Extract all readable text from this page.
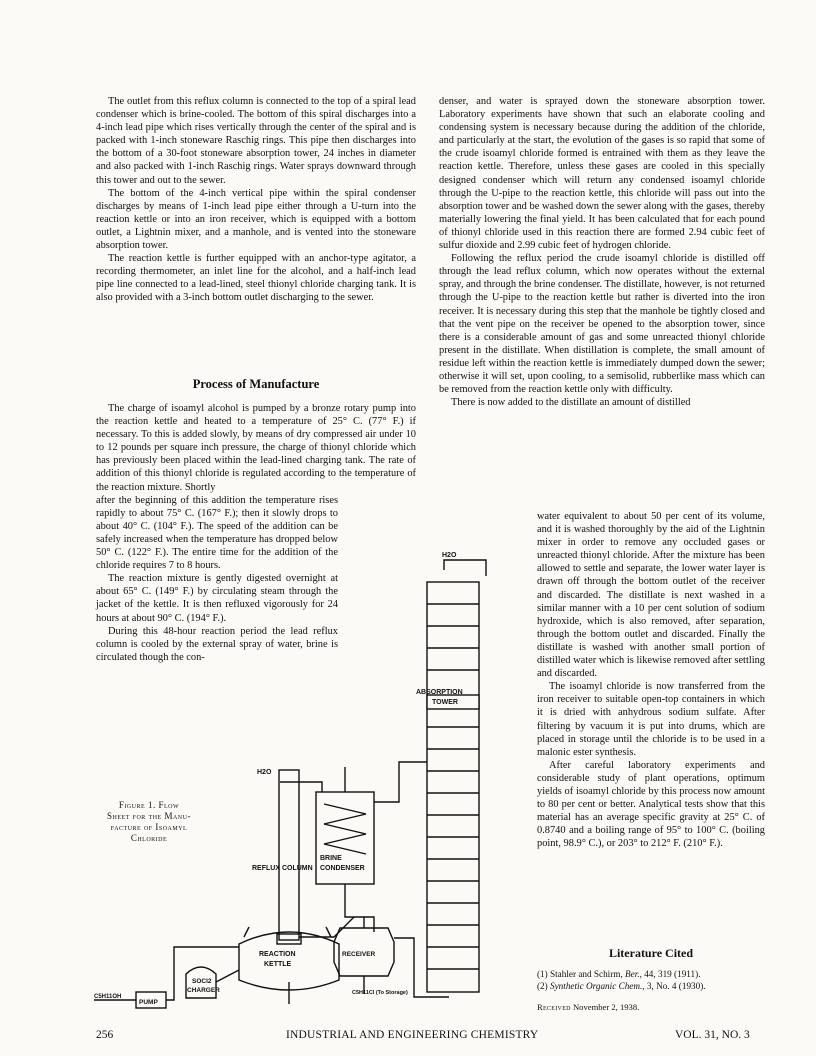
The outlet from this reflux column is connected to the top of a spiral lead condenser which is brine-cooled. The bottom of this spiral discharges into a 4-inch lead pipe which rises vertically through the center of the spiral and is packed with 1-inch stoneware Raschig rings. This pipe then discharges into the bottom of a 30-foot stoneware absorption tower, 24 inches in diameter and also packed with 1-inch Raschig rings. Water sprays downward through this tower and out to the sewer.

The bottom of the 4-inch vertical pipe within the spiral condenser discharges by means of 1-inch lead pipe either through a U-turn into the reaction kettle or into an iron receiver, which is equipped with a bottom outlet, a Lightnin mixer, and a manhole, and is vented into the stoneware absorption tower.

The reaction kettle is further equipped with an anchor-type agitator, a recording thermometer, an inlet line for the alcohol, and a half-inch lead pipe line connected to a lead-lined, steel thionyl chloride charging tank. It is also provided with a 3-inch bottom outlet discharging to the sewer.

Process of Manufacture

The charge of isoamyl alcohol is pumped by a bronze rotary pump into the reaction kettle and heated to a temperature of 25° C. (77° F.) if necessary. To this is added slowly, by means of dry compressed air under 10 to 12 pounds per square inch pressure, the charge of thionyl chloride which has previously been placed within the lead-lined charging tank. The rate of addition of this thionyl chloride is regulated according to the temperature of the reaction mixture. Shortly

after the beginning of this addition the temperature rises rapidly to about 75° C. (167° F.); then it slowly drops to about 40° C. (104° F.). The speed of the addition can be safely increased when the temperature has dropped below 50° C. (122° F.). The entire time for the addition of the chloride requires 7 to 8 hours.

The reaction mixture is gently digested overnight at about 65° C. (149° F.) by circulating steam through the jacket of the kettle. It is then refluxed vigorously for 24 hours at about 90° C. (194° F.).

During this 48-hour reaction period the lead reflux column is cooled by the external spray of water, brine is circulated though the con-

denser, and water is sprayed down the stoneware absorption tower. Laboratory experiments have shown that such an elaborate cooling and condensing system is necessary because during the addition of the chloride, and particularly at the start, the evolution of the gases is so rapid that some of the crude isoamyl chloride formed is entrained with them as they leave the reaction kettle. Therefore, unless these gases are cooled in this specially designed condenser which will return any condensed isoamyl chloride through the U-pipe to the reaction kettle, this chloride will pass out into the absorption tower and be washed down the sewer along with the gases, thereby materially lowering the final yield. It has been calculated that for each pound of thionyl chloride used in this reaction there are formed 2.94 cubic feet of sulfur dioxide and 2.99 cubic feet of hydrogen chloride.

Following the reflux period the crude isoamyl chloride is distilled off through the lead reflux column, which now operates without the external spray, and through the brine condenser. The distillate, however, is not returned through the U-pipe to the reaction kettle but rather is diverted into the iron receiver. It is necessary during this step that the manhole be tightly closed and that the vent pipe on the receiver be opened to the absorption tower, since there is a considerable amount of gas and some unreacted thionyl chloride present in the distillate. When distillation is complete, the small amount of residue left within the reaction kettle is immediately dumped down the sewer; otherwise it will set, upon cooling, to a semisolid, rubberlike mass which can be removed from the reaction kettle only with difficulty.

There is now added to the distillate an amount of distilled

water equivalent to about 50 per cent of its volume, and it is washed thoroughly by the aid of the Lightnin mixer in order to remove any occluded gases or unreacted thionyl chloride. After the mixture has been allowed to settle and separate, the lower water layer is drawn off through the bottom outlet of the receiver and discarded. The distillate is next washed in a similar manner with a 10 per cent solution of sodium hydroxide, which is also removed, after separation, through the bottom outlet and discarded. Finally the distillate is washed with another small portion of distilled water which is likewise removed after settling and discarded.

The isoamyl chloride is now transferred from the iron receiver to suitable open-top containers in which it is dried with anhydrous sodium sulfate. After filtering by vacuum it is put into drums, which are placed in storage until the chloride is to be used in a malonic ester synthesis.

After careful laboratory experiments and considerable study of plant operations, optimum yields of isoamyl chloride by this process now amount to 80 per cent or better. Analytical tests show that this material has an average specific gravity at 25° C. of 0.8740 and a boiling range of 95° to 100° C. (boiling point, 98.9° C.), or 203° to 212° F. (210° F.).

Literature Cited
(1) Stahler and Schirm, Ber., 44, 319 (1911).
(2) Synthetic Organic Chem., 3, No. 4 (1930).
Received November 2, 1938.
Figure 1. Flow
Sheet for the Manu-
facture of Isoamyl
Chloride
H2O
ABSORPTION
TOWER
H2O
BRINE
CONDENSER
REFLUX COLUMN
RECEIVER
REACTION
KETTLE
SOCl2
CHARGER
PUMP
C5H11OH
C5H11Cl (To Storage)
256	INDUSTRIAL AND ENGINEERING CHEMISTRY	VOL. 31, NO. 3
